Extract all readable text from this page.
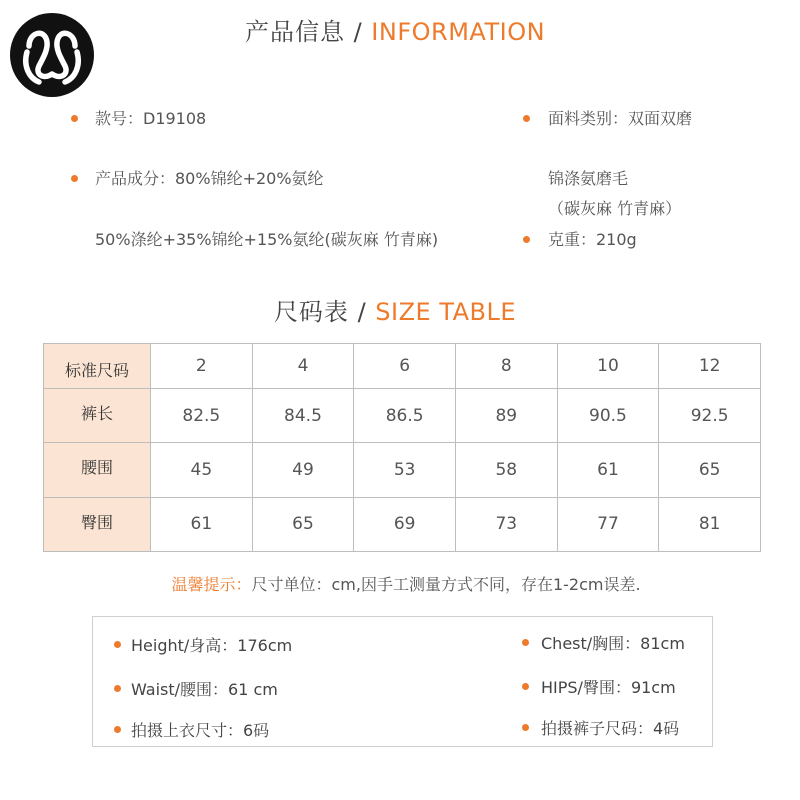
产品信息 / INFORMATION
款号：D19108
产品成分：80%锦纶+20%氨纶
50%涤纶+35%锦纶+15%氨纶(碳灰麻 竹青麻)
面料类别：双面双磨
锦涤氨磨毛
（碳灰麻 竹青麻）
克重：210g
尺码表 / SIZE TABLE
标准尺码	2	4	6	8	10	12
裤长	82.5	84.5	86.5	89	90.5	92.5
腰围	45	49	53	58	61	65
臀围	61	65	69	73	77	81
温馨提示：尺寸单位：cm,因手工测量方式不同，存在1-2cm误差.
Height/身高：176cm
Waist/腰围：61 cm
拍摄上衣尺寸：6码
Chest/胸围：81cm
HIPS/臀围：91cm
拍摄裤子尺码：4码
